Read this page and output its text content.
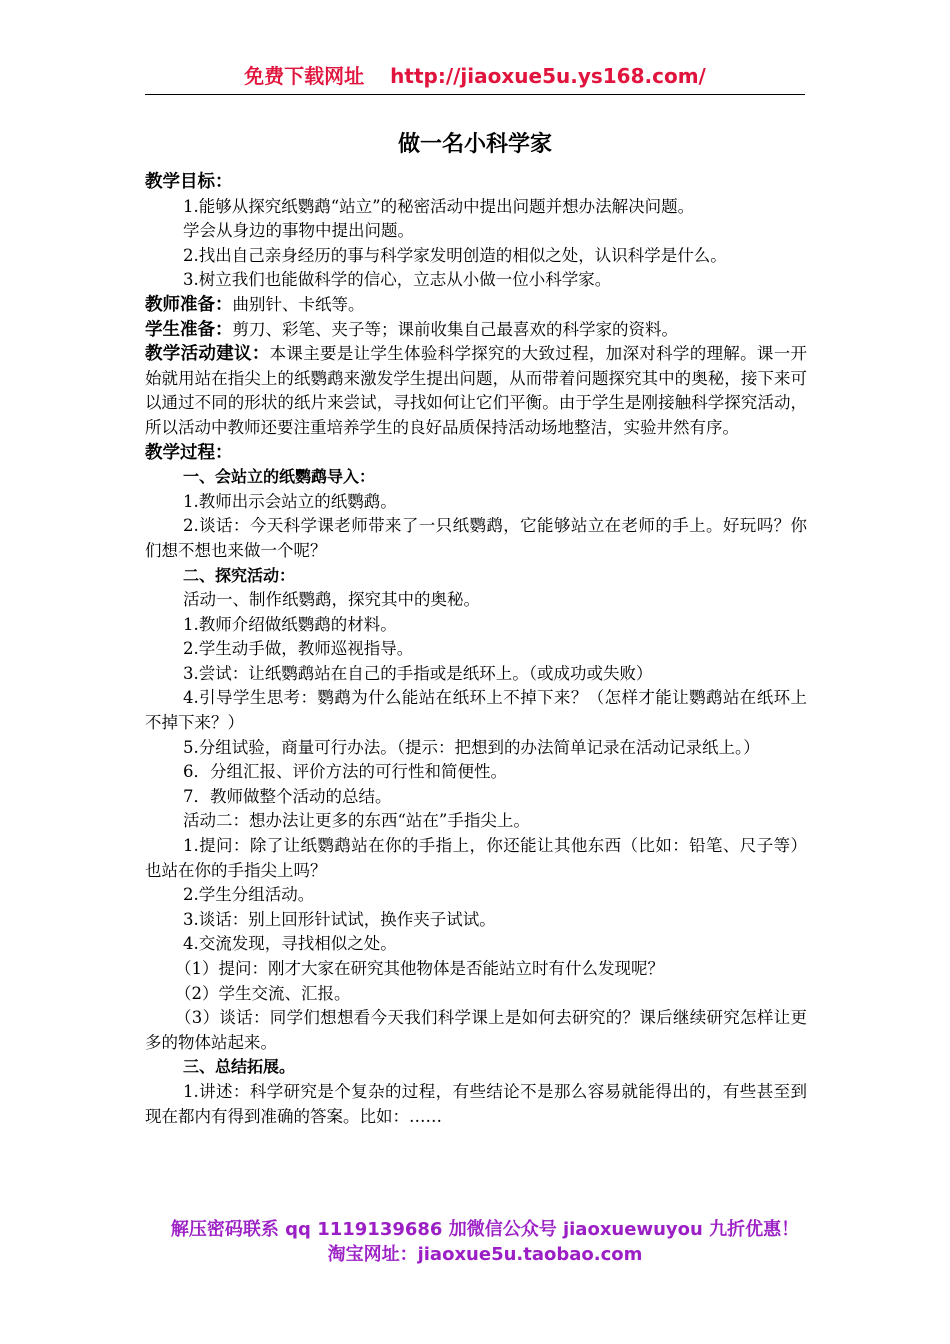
免费下载网址 http://jiaoxue5u.ys168.com/
做一名小科学家
教学目标：
1.能够从探究纸鹦鹉“站立”的秘密活动中提出问题并想办法解决问题。
学会从身边的事物中提出问题。
2.找出自己亲身经历的事与科学家发明创造的相似之处，认识科学是什么。
3.树立我们也能做科学的信心，立志从小做一位小科学家。
教师准备：曲别针、卡纸等。
学生准备：剪刀、彩笔、夹子等；课前收集自己最喜欢的科学家的资料。
教学活动建议：本课主要是让学生体验科学探究的大致过程，加深对科学的理解。课一开始就用站在指尖上的纸鹦鹉来激发学生提出问题，从而带着问题探究其中的奥秘，接下来可以通过不同的形状的纸片来尝试，寻找如何让它们平衡。由于学生是刚接触科学探究活动，所以活动中教师还要注重培养学生的良好品质保持活动场地整洁，实验井然有序。
教学过程：
一、会站立的纸鹦鹉导入：
1.教师出示会站立的纸鹦鹉。
2.谈话：今天科学课老师带来了一只纸鹦鹉，它能够站立在老师的手上。好玩吗？你们想不想也来做一个呢？
二、探究活动：
活动一、制作纸鹦鹉，探究其中的奥秘。
1.教师介绍做纸鹦鹉的材料。
2.学生动手做，教师巡视指导。
3.尝试：让纸鹦鹉站在自己的手指或是纸环上。（或成功或失败）
4.引导学生思考：鹦鹉为什么能站在纸环上不掉下来？（怎样才能让鹦鹉站在纸环上不掉下来？）
5.分组试验，商量可行办法。（提示：把想到的办法简单记录在活动记录纸上。）
6．分组汇报、评价方法的可行性和简便性。
7．教师做整个活动的总结。
活动二：想办法让更多的东西“站在”手指尖上。
1.提问：除了让纸鹦鹉站在你的手指上，你还能让其他东西（比如：铅笔、尺子等）也站在你的手指尖上吗？
2.学生分组活动。
3.谈话：别上回形针试试，换作夹子试试。
4.交流发现，寻找相似之处。
（1）提问：刚才大家在研究其他物体是否能站立时有什么发现呢？
（2）学生交流、汇报。
（3）谈话：同学们想想看今天我们科学课上是如何去研究的？课后继续研究怎样让更多的物体站起来。
三、总结拓展。
1.讲述：科学研究是个复杂的过程，有些结论不是那么容易就能得出的，有些甚至到现在都内有得到准确的答案。比如：……
解压密码联系 qq 1119139686 加微信公众号 jiaoxuewuyou 九折优惠！
淘宝网址：jiaoxue5u.taobao.com
